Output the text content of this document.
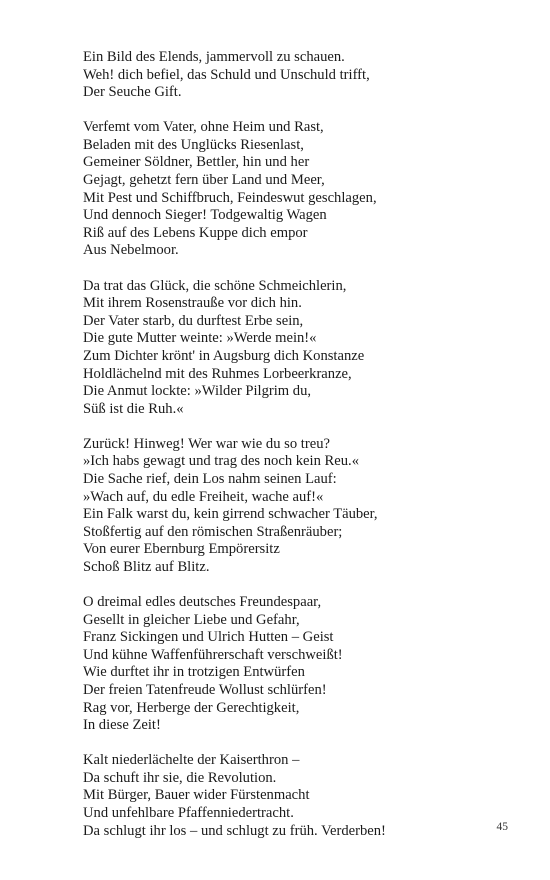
Ein Bild des Elends, jammervoll zu schauen.
Weh! dich befiel, das Schuld und Unschuld trifft,
Der Seuche Gift.
Verfemt vom Vater, ohne Heim und Rast,
Beladen mit des Unglücks Riesenlast,
Gemeiner Söldner, Bettler, hin und her
Gejagt, gehetzt fern über Land und Meer,
Mit Pest und Schiffbruch, Feindeswut geschlagen,
Und dennoch Sieger! Todgewaltig Wagen
Riß auf des Lebens Kuppe dich empor
Aus Nebelmoor.
Da trat das Glück, die schöne Schmeichlerin,
Mit ihrem Rosenstrauße vor dich hin.
Der Vater starb, du durftest Erbe sein,
Die gute Mutter weinte: »Werde mein!«
Zum Dichter krönt' in Augsburg dich Konstanze
Holdlächelnd mit des Ruhmes Lorbeerkranze,
Die Anmut lockte: »Wilder Pilgrim du,
Süß ist die Ruh.«
Zurück! Hinweg! Wer war wie du so treu?
»Ich habs gewagt und trag des noch kein Reu.«
Die Sache rief, dein Los nahm seinen Lauf:
»Wach auf, du edle Freiheit, wache auf!«
Ein Falk warst du, kein girrend schwacher Täuber,
Stoßfertig auf den römischen Straßenräuber;
Von eurer Ebernburg Empörersitz
Schoß Blitz auf Blitz.
O dreimal edles deutsches Freundespaar,
Gesellt in gleicher Liebe und Gefahr,
Franz Sickingen und Ulrich Hutten – Geist
Und kühne Waffenführerschaft verschweißt!
Wie durftet ihr in trotzigen Entwürfen
Der freien Tatenfreude Wollust schlürfen!
Rag vor, Herberge der Gerechtigkeit,
In diese Zeit!
Kalt niederlächelte der Kaiserthron –
Da schuft ihr sie, die Revolution.
Mit Bürger, Bauer wider Fürstenmacht
Und unfehlbare Pfaffenniedertracht.
Da schlugt ihr los – und schlugt zu früh. Verderben!	45
